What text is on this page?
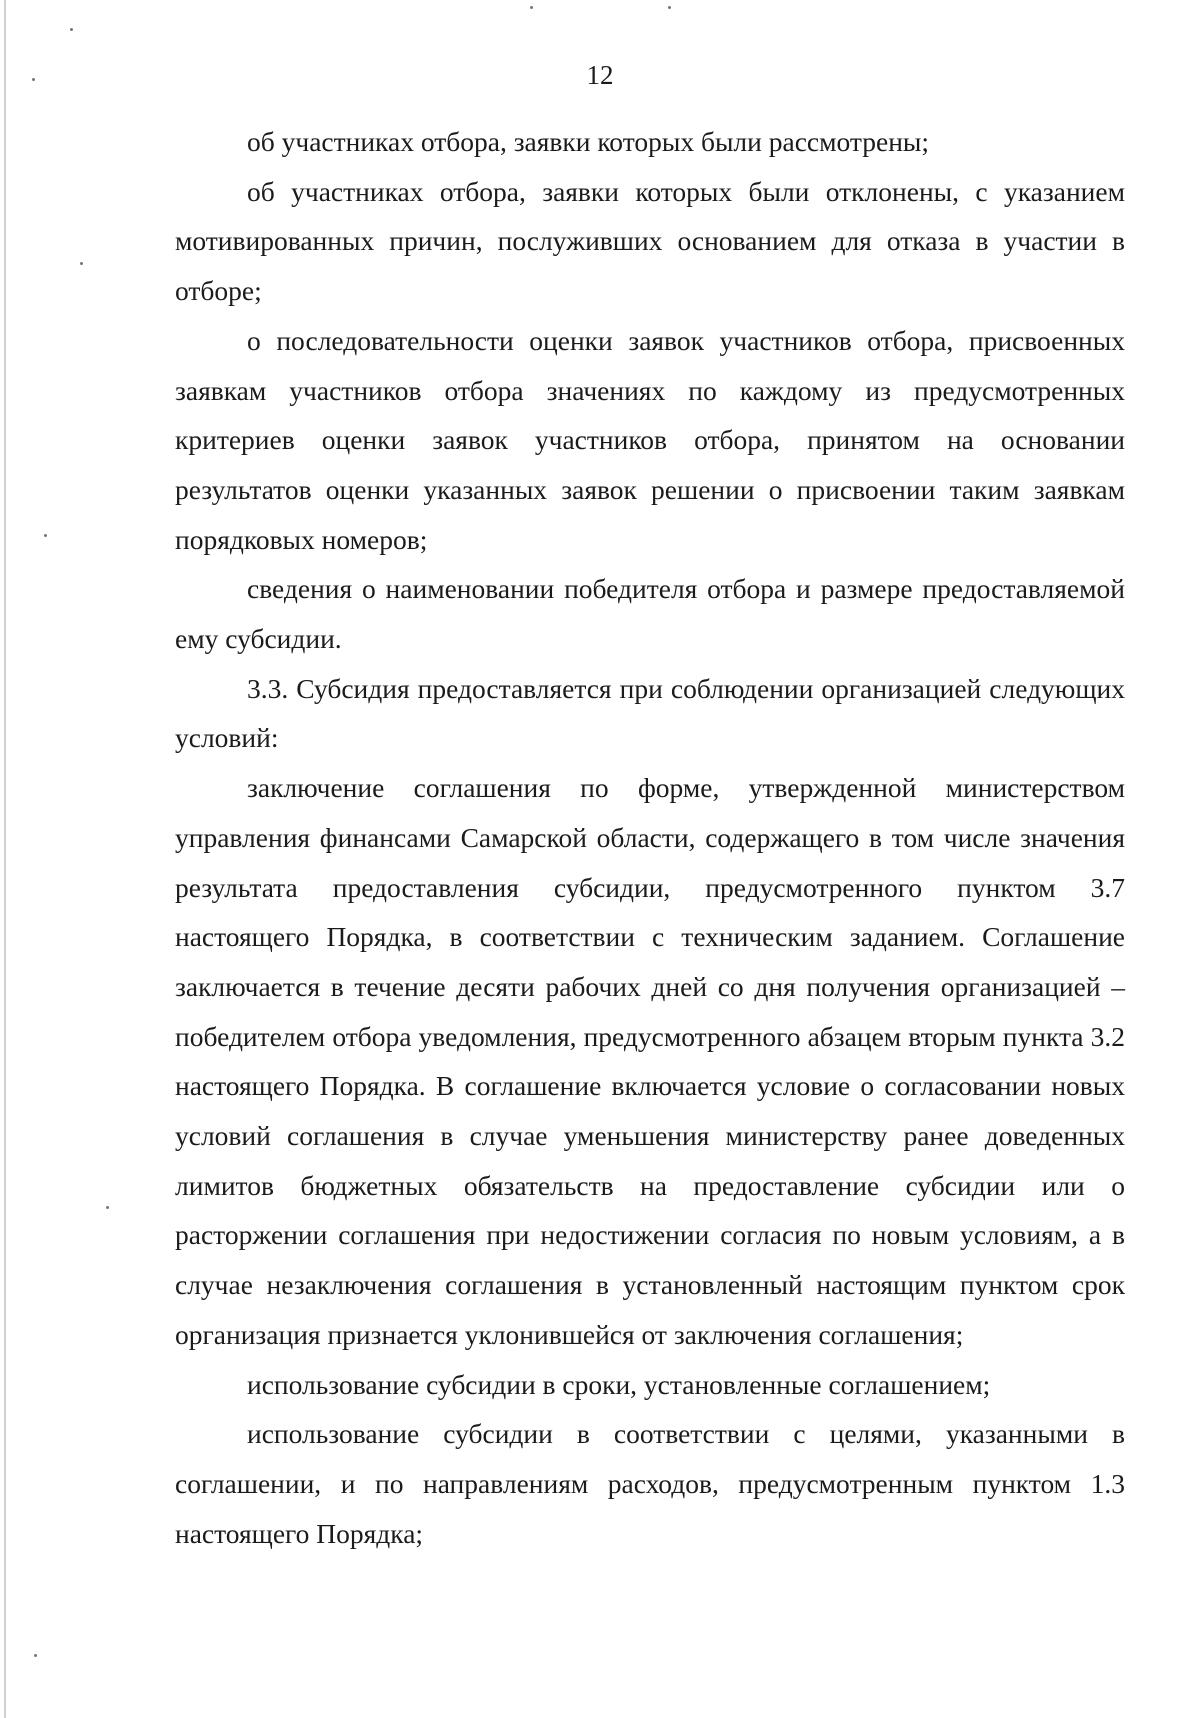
12

об участниках отбора, заявки которых были рассмотрены;

об участниках отбора, заявки которых были отклонены, с указанием мотивированных причин, послуживших основанием для отказа в участии в отборе;

о последовательности оценки заявок участников отбора, присвоенных заявкам участников отбора значениях по каждому из предусмотренных критериев оценки заявок участников отбора, принятом на основании результатов оценки указанных заявок решении о присвоении таким заявкам порядковых номеров;

сведения о наименовании победителя отбора и размере предоставляемой ему субсидии.

3.3. Субсидия предоставляется при соблюдении организацией следующих условий:

заключение соглашения по форме, утвержденной министерством управления финансами Самарской области, содержащего в том числе значения результата предоставления субсидии, предусмотренного пунктом 3.7 настоящего Порядка, в соответствии с техническим заданием. Соглашение заключается в течение десяти рабочих дней со дня получения организацией – победителем отбора уведомления, предусмотренного абзацем вторым пункта 3.2 настоящего Порядка. В соглашение включается условие о согласовании новых условий соглашения в случае уменьшения министерству ранее доведенных лимитов бюджетных обязательств на предоставление субсидии или о расторжении соглашения при недостижении согласия по новым условиям, а в случае незаключения соглашения в установленный настоящим пунктом срок организация признается уклонившейся от заключения соглашения;

использование субсидии в сроки, установленные соглашением;

использование субсидии в соответствии с целями, указанными в соглашении, и по направлениям расходов, предусмотренным пунктом 1.3 настоящего Порядка;
